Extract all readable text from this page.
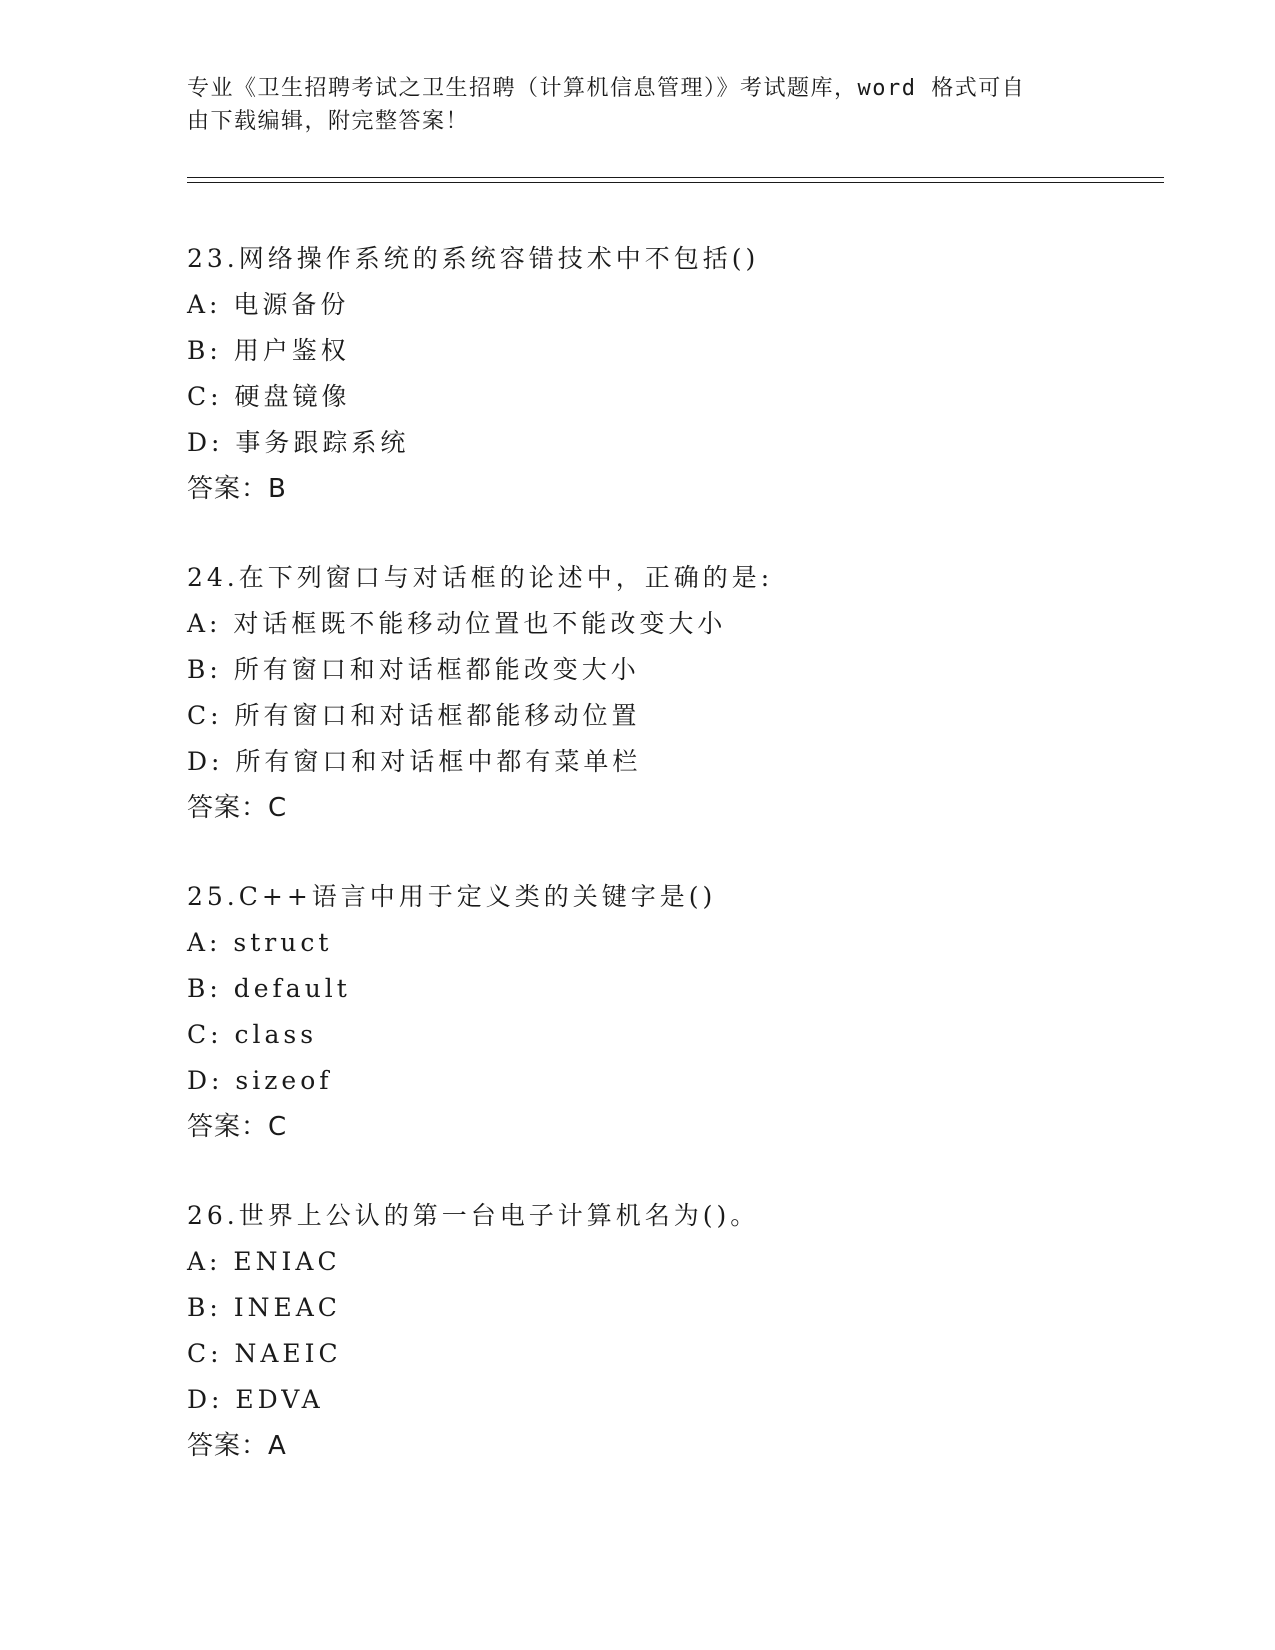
专业《卫生招聘考试之卫生招聘（计算机信息管理）》考试题库，word 格式可自
由下载编辑，附完整答案！
23.网络操作系统的系统容错技术中不包括()
A: 电源备份
B: 用户鉴权
C: 硬盘镜像
D: 事务跟踪系统
答案：B
24.在下列窗口与对话框的论述中，正确的是:
A: 对话框既不能移动位置也不能改变大小
B: 所有窗口和对话框都能改变大小
C: 所有窗口和对话框都能移动位置
D: 所有窗口和对话框中都有菜单栏
答案：C
25.C++语言中用于定义类的关键字是()
A: struct
B: default
C: class
D: sizeof
答案：C
26.世界上公认的第一台电子计算机名为()。
A: ENIAC
B: INEAC
C: NAEIC
D: EDVA
答案：A
